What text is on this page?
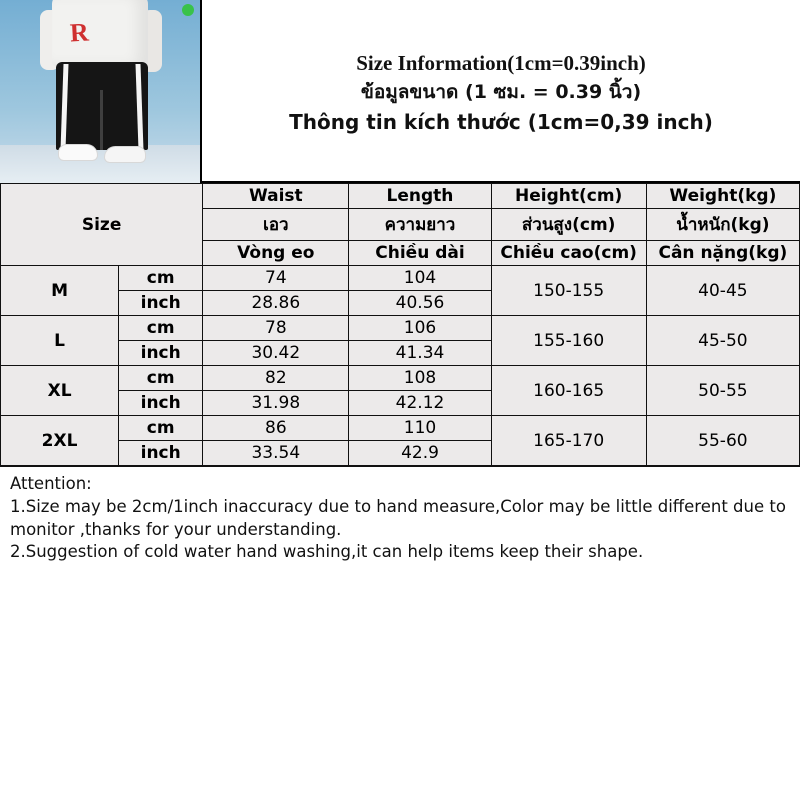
R
Size Information(1cm=0.39inch)
ข้อมูลขนาด (1 ซม. = 0.39 นิ้ว)
Thông tin kích thước (1cm=0,39 inch)
Size		Waist	Length	Height(cm)	Weight(kg)
		เอว	ความยาว	ส่วนสูง(cm)	น้ำหนัก(kg)
		Vòng eo	Chiều dài	Chiều cao(cm)	Cân nặng(kg)
M	cm	74	104	150-155	40-45
	inch	28.86	40.56		
L	cm	78	106	155-160	45-50
	inch	30.42	41.34		
XL	cm	82	108	160-165	50-55
	inch	31.98	42.12		
2XL	cm	86	110	165-170	55-60
	inch	33.54	42.9		

Attention:

1.Size may be 2cm/1inch inaccuracy due to hand measure,Color may be little different due to monitor ,thanks for your understanding.

2.Suggestion of cold water hand washing,it can help items keep their shape.
